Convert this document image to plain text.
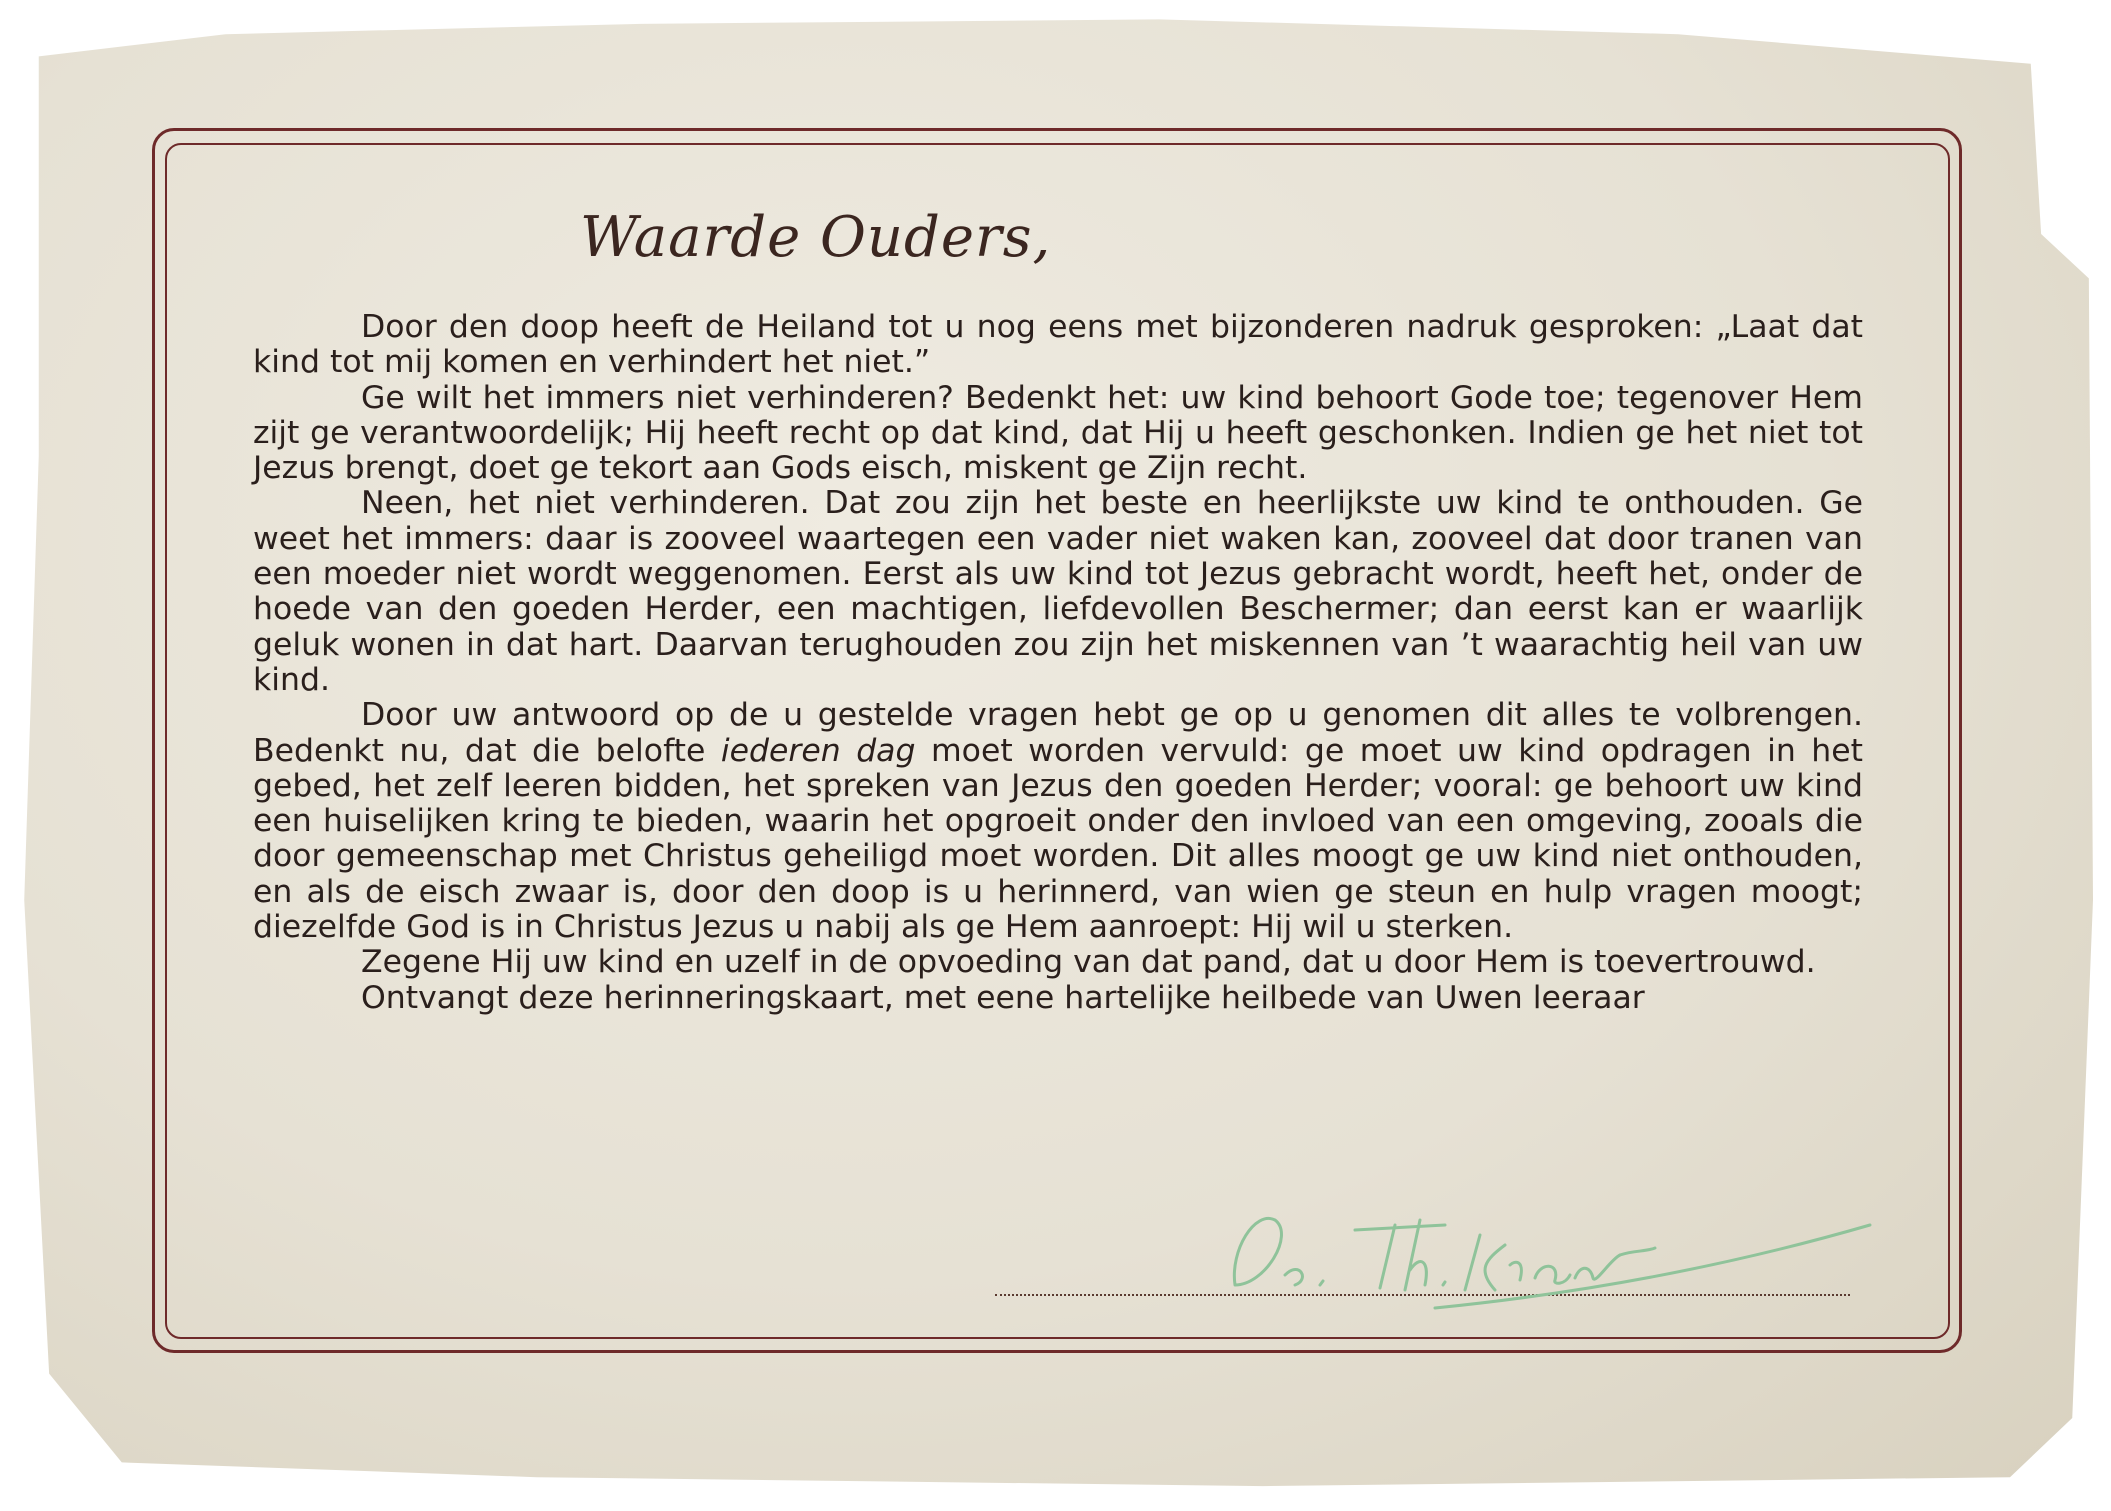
Waarde Ouders,

Door den doop heeft de Heiland tot u nog eens met bijzonderen nadruk gesproken: „Laat dat kind tot mij komen en verhindert het niet.”

Ge wilt het immers niet verhinderen? Bedenkt het: uw kind behoort Gode toe; tegenover Hem zijt ge verantwoordelijk; Hij heeft recht op dat kind, dat Hij u heeft geschonken. Indien ge het niet tot Jezus brengt, doet ge tekort aan Gods eisch, miskent ge Zijn recht.

Neen, het niet verhinderen. Dat zou zijn het beste en heerlijkste uw kind te onthouden. Ge weet het immers: daar is zooveel waartegen een vader niet waken kan, zooveel dat door tranen van een moeder niet wordt weggenomen. Eerst als uw kind tot Jezus gebracht wordt, heeft het, onder de hoede van den goeden Herder, een machtigen, liefdevollen Beschermer; dan eerst kan er waarlijk geluk wonen in dat hart. Daarvan terughouden zou zijn het miskennen van ’t waarachtig heil van uw kind.

Door uw antwoord op de u gestelde vragen hebt ge op u genomen dit alles te volbrengen. Bedenkt nu, dat die belofte iederen dag moet worden vervuld: ge moet uw kind opdragen in het gebed, het zelf leeren bidden, het spreken van Jezus den goeden Herder; vooral: ge behoort uw kind een huiselijken kring te bieden, waarin het opgroeit onder den invloed van een omgeving, zooals die door gemeenschap met Christus geheiligd moet worden. Dit alles moogt ge uw kind niet onthouden, en als de eisch zwaar is, door den doop is u herinnerd, van wien ge steun en hulp vragen moogt; diezelfde God is in Christus Jezus u nabij als ge Hem aanroept: Hij wil u sterken.

Zegene Hij uw kind en uzelf in de opvoeding van dat pand, dat u door Hem is toevertrouwd.

Ontvangt deze herinneringskaart, met eene hartelijke heilbede van Uwen leeraar
